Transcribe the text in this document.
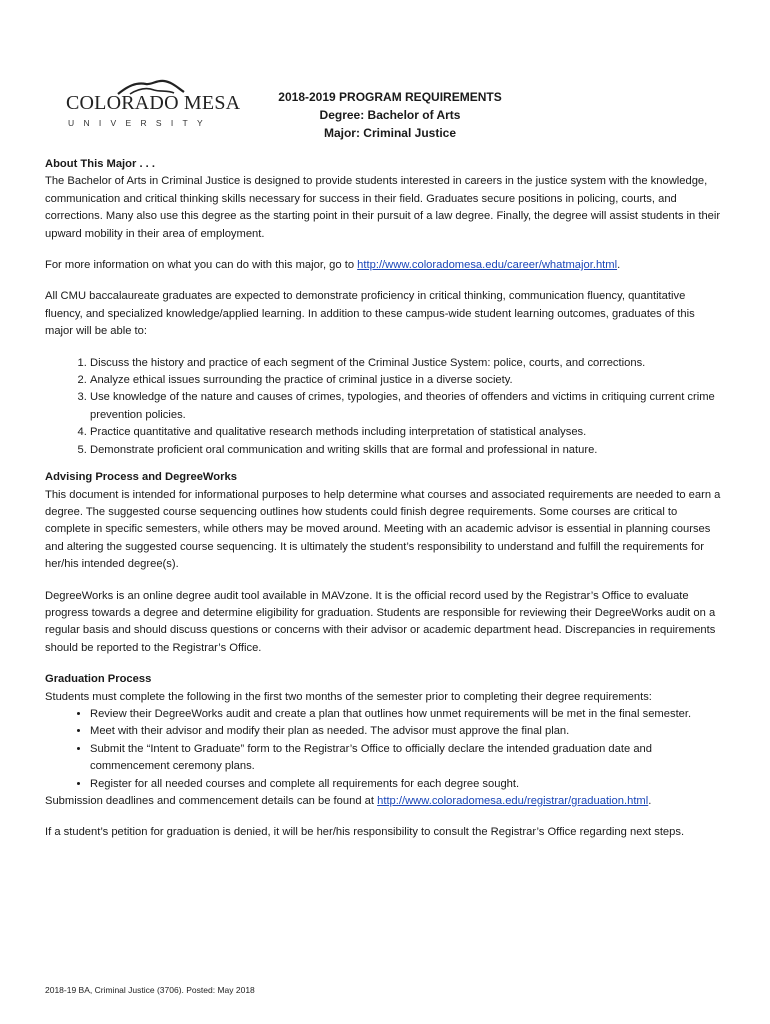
COLORADO MESA
UNIVERSITY
2018-2019 PROGRAM REQUIREMENTS
Degree: Bachelor of Arts
Major: Criminal Justice

About This Major . . .

The Bachelor of Arts in Criminal Justice is designed to provide students interested in careers in the justice system with the knowledge, communication and critical thinking skills necessary for success in their field. Graduates secure positions in policing, courts, and corrections. Many also use this degree as the starting point in their pursuit of a law degree. Finally, the degree will assist students in their upward mobility in their area of employment.

For more information on what you can do with this major, go to http://www.coloradomesa.edu/career/whatmajor.html.

All CMU baccalaureate graduates are expected to demonstrate proficiency in critical thinking, communication fluency, quantitative fluency, and specialized knowledge/applied learning. In addition to these campus-wide student learning outcomes, graduates of this major will be able to:

1. Discuss the history and practice of each segment of the Criminal Justice System: police, courts, and corrections.
2. Analyze ethical issues surrounding the practice of criminal justice in a diverse society.
3. Use knowledge of the nature and causes of crimes, typologies, and theories of offenders and victims in critiquing current crime prevention policies.
4. Practice quantitative and qualitative research methods including interpretation of statistical analyses.
5. Demonstrate proficient oral communication and writing skills that are formal and professional in nature.

Advising Process and DegreeWorks

This document is intended for informational purposes to help determine what courses and associated requirements are needed to earn a degree. The suggested course sequencing outlines how students could finish degree requirements. Some courses are critical to complete in specific semesters, while others may be moved around. Meeting with an academic advisor is essential in planning courses and altering the suggested course sequencing. It is ultimately the student’s responsibility to understand and fulfill the requirements for her/his intended degree(s).

DegreeWorks is an online degree audit tool available in MAVzone. It is the official record used by the Registrar’s Office to evaluate progress towards a degree and determine eligibility for graduation. Students are responsible for reviewing their DegreeWorks audit on a regular basis and should discuss questions or concerns with their advisor or academic department head. Discrepancies in requirements should be reported to the Registrar’s Office.

Graduation Process

Students must complete the following in the first two months of the semester prior to completing their degree requirements:

• Review their DegreeWorks audit and create a plan that outlines how unmet requirements will be met in the final semester.
• Meet with their advisor and modify their plan as needed. The advisor must approve the final plan.
• Submit the “Intent to Graduate” form to the Registrar’s Office to officially declare the intended graduation date and commencement ceremony plans.
• Register for all needed courses and complete all requirements for each degree sought.

Submission deadlines and commencement details can be found at http://www.coloradomesa.edu/registrar/graduation.html.

If a student’s petition for graduation is denied, it will be her/his responsibility to consult the Registrar’s Office regarding next steps.

2018-19 BA, Criminal Justice (3706). Posted: May 2018
